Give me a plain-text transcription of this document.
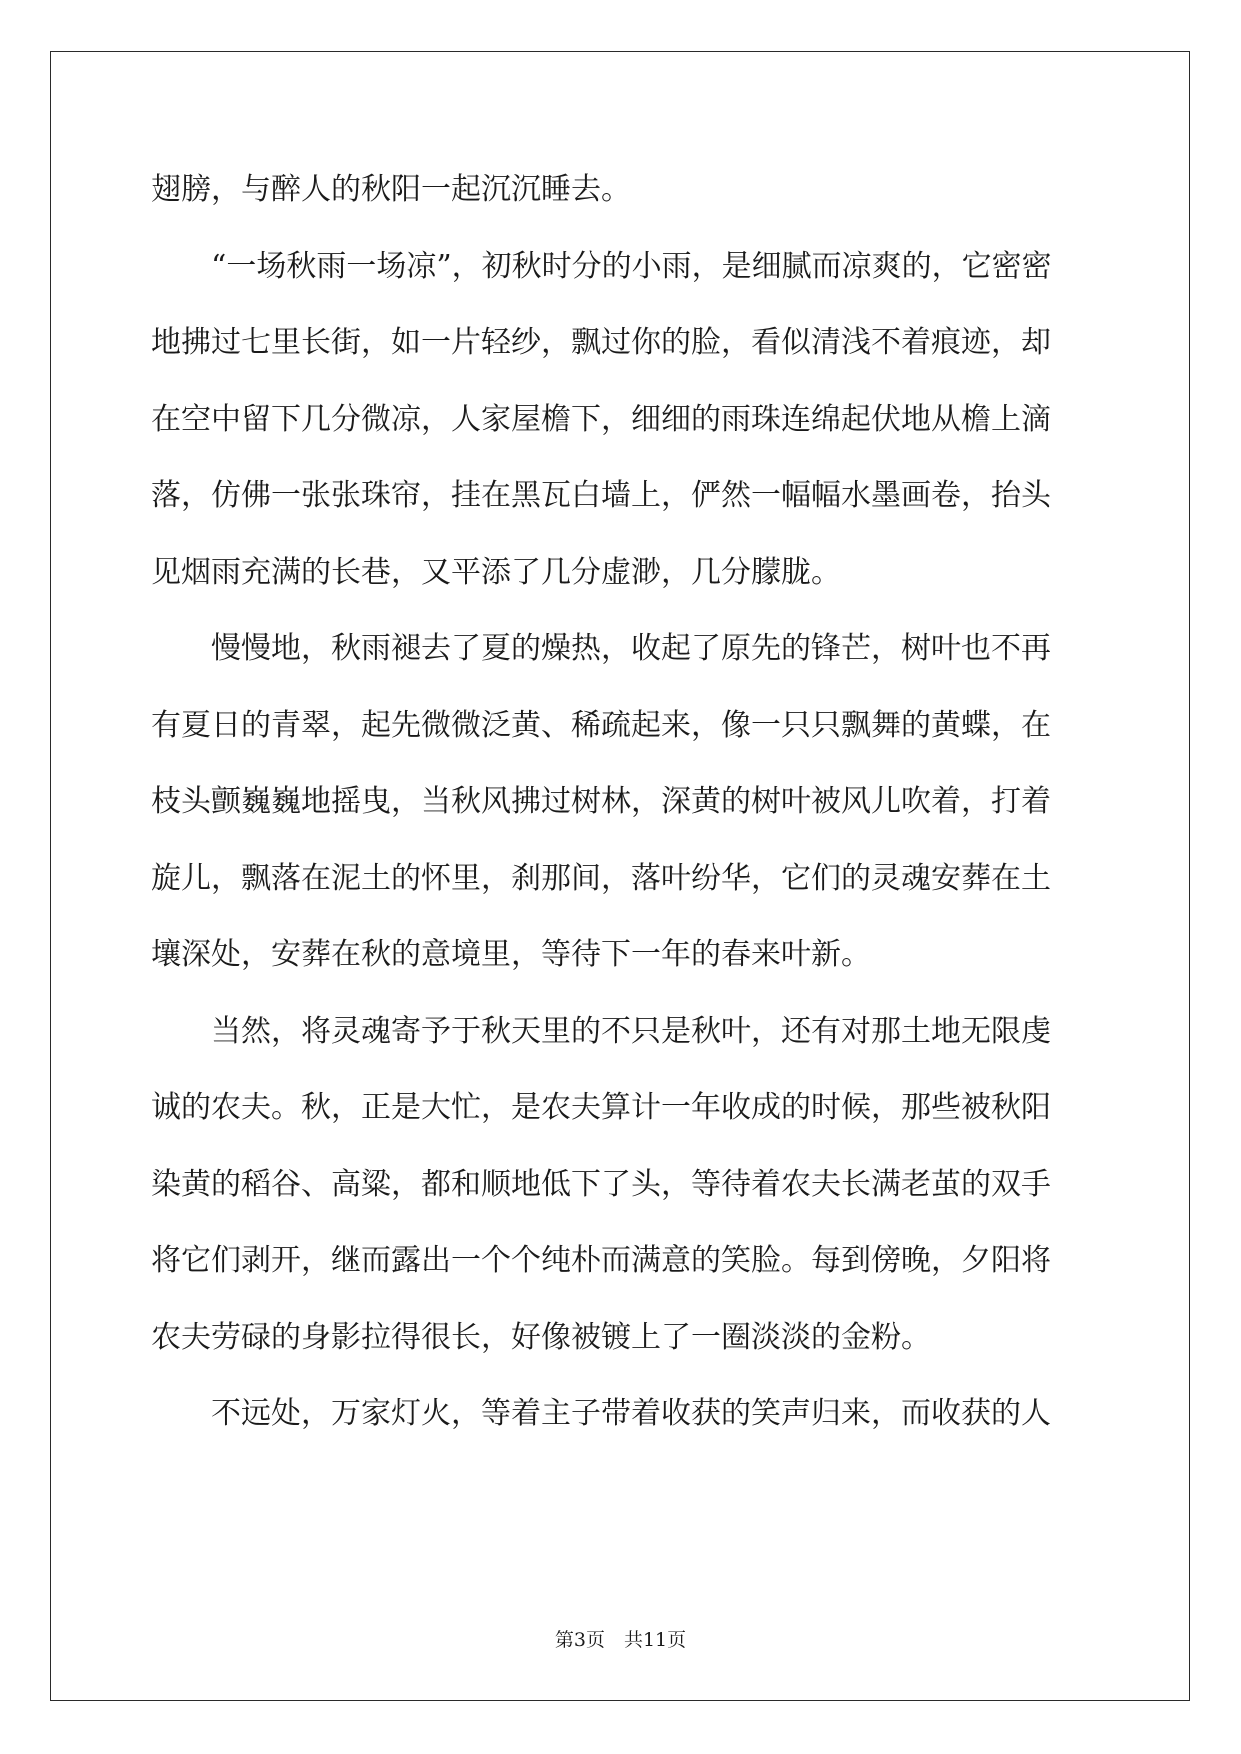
翅膀，与醉人的秋阳一起沉沉睡去。
“一场秋雨一场凉”，初秋时分的小雨，是细腻而凉爽的，它密密
地拂过七里长街，如一片轻纱，飘过你的脸，看似清浅不着痕迹，却
在空中留下几分微凉，人家屋檐下，细细的雨珠连绵起伏地从檐上滴
落，仿佛一张张珠帘，挂在黑瓦白墙上，俨然一幅幅水墨画卷，抬头
见烟雨充满的长巷，又平添了几分虚渺，几分朦胧。
慢慢地，秋雨褪去了夏的燥热，收起了原先的锋芒，树叶也不再
有夏日的青翠，起先微微泛黄、稀疏起来，像一只只飘舞的黄蝶，在
枝头颤巍巍地摇曳，当秋风拂过树林，深黄的树叶被风儿吹着，打着
旋儿，飘落在泥土的怀里，刹那间，落叶纷华，它们的灵魂安葬在土
壤深处，安葬在秋的意境里，等待下一年的春来叶新。
当然，将灵魂寄予于秋天里的不只是秋叶，还有对那土地无限虔
诚的农夫。秋，正是大忙，是农夫算计一年收成的时候，那些被秋阳
染黄的稻谷、高粱，都和顺地低下了头，等待着农夫长满老茧的双手
将它们剥开，继而露出一个个纯朴而满意的笑脸。每到傍晚，夕阳将
农夫劳碌的身影拉得很长，好像被镀上了一圈淡淡的金粉。
不远处，万家灯火，等着主子带着收获的笑声归来，而收获的人
第3页　共11页
